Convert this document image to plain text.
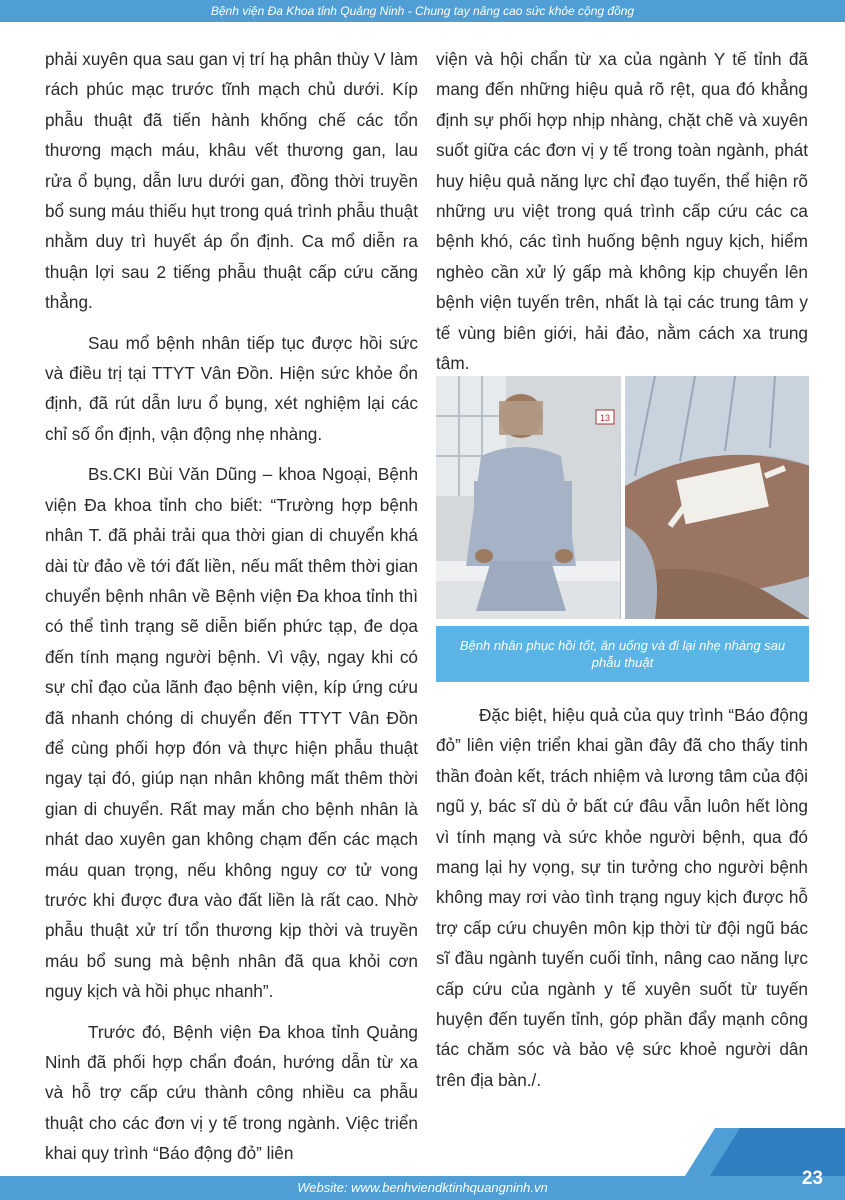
Bệnh viện Đa Khoa tỉnh Quảng Ninh - Chung tay nâng cao sức khỏe cộng đồng

phải xuyên qua sau gan vị trí hạ phân thùy V làm rách phúc mạc trước tĩnh mạch chủ dưới. Kíp phẫu thuật đã tiến hành khống chế các tổn thương mạch máu, khâu vết thương gan, lau rửa ổ bụng, dẫn lưu dưới gan, đồng thời truyền bổ sung máu thiếu hụt trong quá trình phẫu thuật nhằm duy trì huyết áp ổn định. Ca mổ diễn ra thuận lợi sau 2 tiếng phẫu thuật cấp cứu căng thẳng.

Sau mổ bệnh nhân tiếp tục được hồi sức và điều trị tại TTYT Vân Đồn. Hiện sức khỏe ổn định, đã rút dẫn lưu ổ bụng, xét nghiệm lại các chỉ số ổn định, vận động nhẹ nhàng.

Bs.CKI Bùi Văn Dũng – khoa Ngoại, Bệnh viện Đa khoa tỉnh cho biết: “Trường hợp bệnh nhân T. đã phải trải qua thời gian di chuyển khá dài từ đảo về tới đất liền, nếu mất thêm thời gian chuyển bệnh nhân về Bệnh viện Đa khoa tỉnh thì có thể tình trạng sẽ diễn biến phức tạp, đe dọa đến tính mạng người bệnh. Vì vậy, ngay khi có sự chỉ đạo của lãnh đạo bệnh viện, kíp ứng cứu đã nhanh chóng di chuyển đến TTYT Vân Đồn để cùng phối hợp đón và thực hiện phẫu thuật ngay tại đó, giúp nạn nhân không mất thêm thời gian di chuyển. Rất may mắn cho bệnh nhân là nhát dao xuyên gan không chạm đến các mạch máu quan trọng, nếu không nguy cơ tử vong trước khi được đưa vào đất liền là rất cao. Nhờ phẫu thuật xử trí tổn thương kịp thời và truyền máu bổ sung mà bệnh nhân đã qua khỏi cơn nguy kịch và hồi phục nhanh”.

Trước đó, Bệnh viện Đa khoa tỉnh Quảng Ninh đã phối hợp chẩn đoán, hướng dẫn từ xa và hỗ trợ cấp cứu thành công nhiều ca phẫu thuật cho các đơn vị y tế trong ngành. Việc triển khai quy trình “Báo động đỏ” liên

viện và hội chẩn từ xa của ngành Y tế tỉnh đã mang đến những hiệu quả rõ rệt, qua đó khẳng định sự phối hợp nhịp nhàng, chặt chẽ và xuyên suốt giữa các đơn vị y tế trong toàn ngành, phát huy hiệu quả năng lực chỉ đạo tuyến, thể hiện rõ những ưu việt trong quá trình cấp cứu các ca bệnh khó, các tình huống bệnh nguy kịch, hiểm nghèo cần xử lý gấp mà không kịp chuyển lên bệnh viện tuyến trên, nhất là tại các trung tâm y tế vùng biên giới, hải đảo, nằm cách xa trung tâm.

13
Bệnh nhân phục hồi tốt, ăn uống và đi lại nhẹ nhàng sau phẫu thuật

Đặc biệt, hiệu quả của quy trình “Báo động đỏ” liên viện triển khai gần đây đã cho thấy tinh thần đoàn kết, trách nhiệm và lương tâm của đội ngũ y, bác sĩ dù ở bất cứ đâu vẫn luôn hết lòng vì tính mạng và sức khỏe người bệnh, qua đó mang lại hy vọng, sự tin tưởng cho người bệnh không may rơi vào tình trạng nguy kịch được hỗ trợ cấp cứu chuyên môn kịp thời từ đội ngũ bác sĩ đầu ngành tuyến cuối tỉnh, nâng cao năng lực cấp cứu của ngành y tế xuyên suốt từ tuyến huyện đến tuyến tỉnh, góp phần đẩy mạnh công tác chăm sóc và bảo vệ sức khoẻ người dân trên địa bàn./.

23
Website: www.benhviendktinhquangninh.vn
